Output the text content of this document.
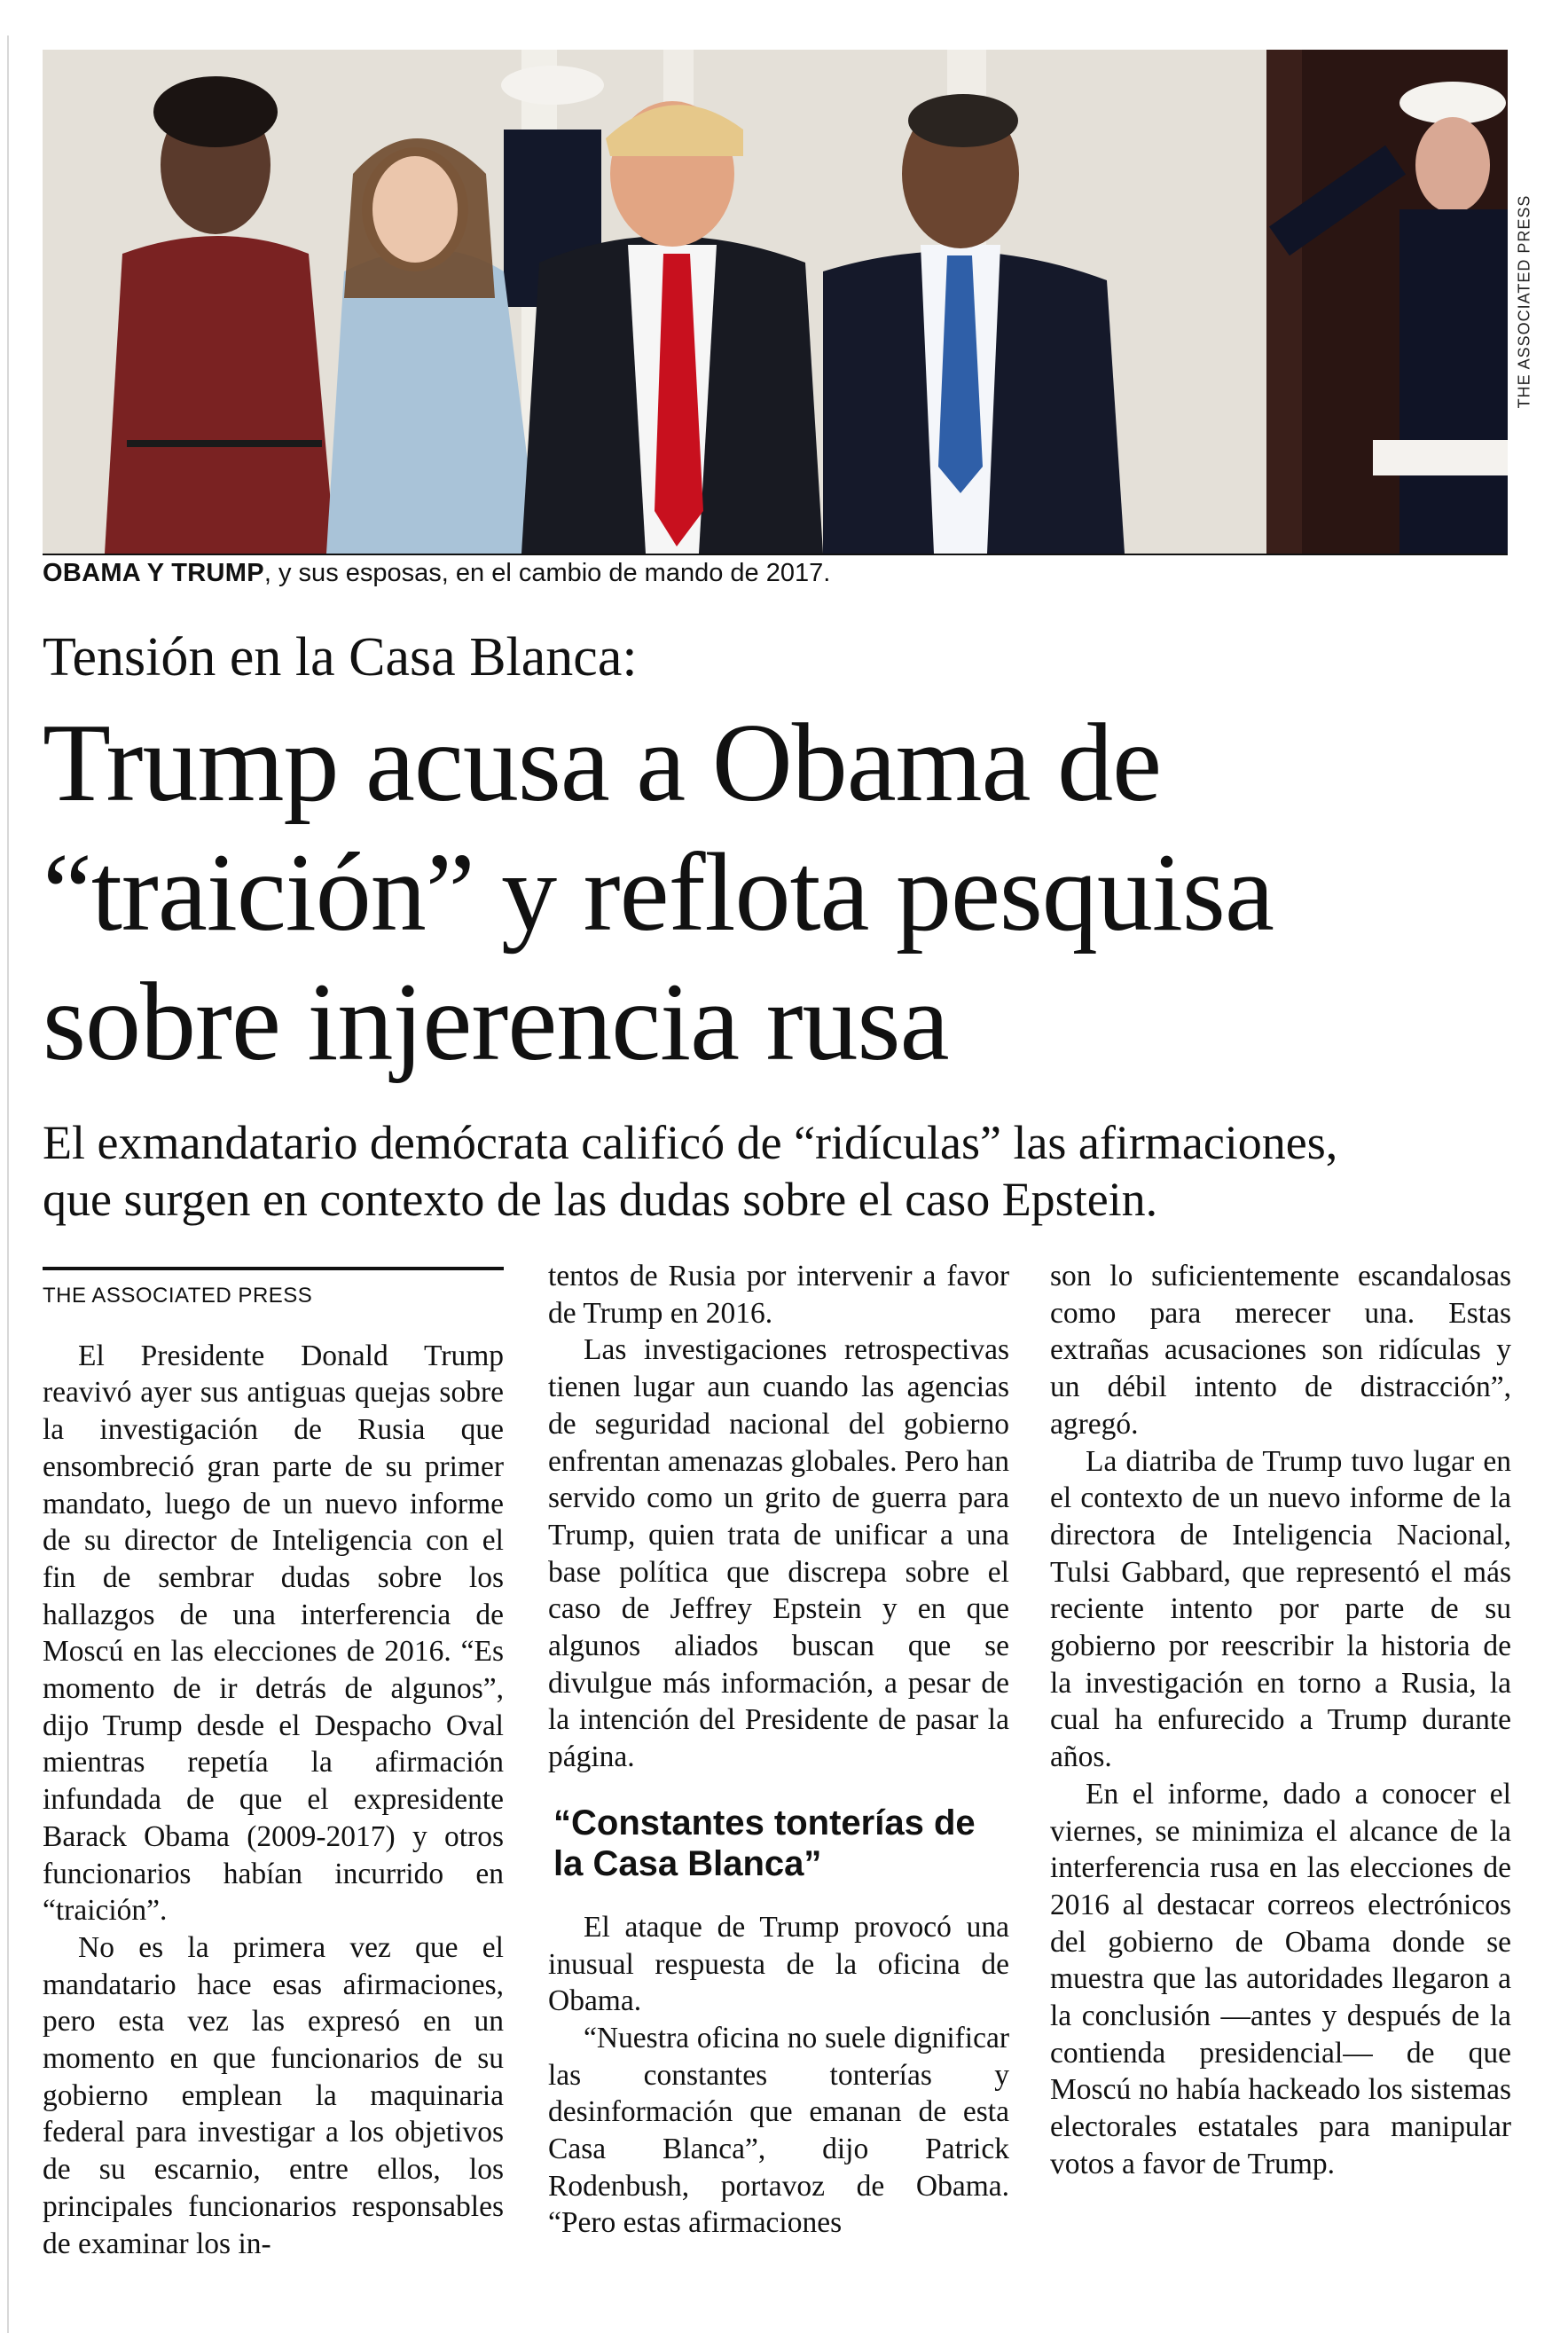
THE ASSOCIATED PRESS
OBAMA Y TRUMP, y sus esposas, en el cambio de mando de 2017.
Tensión en la Casa Blanca:
Trump acusa a Obama de
“traición” y reflota pesquisa
sobre injerencia rusa
El exmandatario demócrata calificó de “ridículas” las afirmaciones,
que surgen en contexto de las dudas sobre el caso Epstein.
THE ASSOCIATED PRESS

El Presidente Donald Trump reavivó ayer sus antiguas quejas sobre la investigación de Rusia que ensombreció gran parte de su primer mandato, luego de un nuevo informe de su director de Inteligencia con el fin de sembrar dudas sobre los hallazgos de una interferencia de Moscú en las elecciones de 2016. “Es momento de ir detrás de algunos”, dijo Trump desde el Despacho Oval mientras repetía la afirmación infundada de que el expresidente Barack Obama (2009-2017) y otros funcionarios habían incurrido en “traición”.

No es la primera vez que el mandatario hace esas afirmaciones, pero esta vez las expresó en un momento en que funcionarios de su gobierno emplean la maquinaria federal para investigar a los objetivos de su escarnio, entre ellos, los principales funcionarios responsables de examinar los in-

tentos de Rusia por intervenir a favor de Trump en 2016.

Las investigaciones retrospectivas tienen lugar aun cuando las agencias de seguridad nacional del gobierno enfrentan amenazas globales. Pero han servido como un grito de guerra para Trump, quien trata de unificar a una base política que discrepa sobre el caso de Jeffrey Epstein y en que algunos aliados buscan que se divulgue más información, a pesar de la intención del Presidente de pasar la página.

“Constantes tonterías de la Casa Blanca”

El ataque de Trump provocó una inusual respuesta de la oficina de Obama.

“Nuestra oficina no suele dignificar las constantes tonterías y desinformación que emanan de esta Casa Blanca”, dijo Patrick Rodenbush, portavoz de Obama. “Pero estas afirmaciones

son lo suficientemente escandalosas como para merecer una. Estas extrañas acusaciones son ridículas y un débil intento de distracción”, agregó.

La diatriba de Trump tuvo lugar en el contexto de un nuevo informe de la directora de Inteligencia Nacional, Tulsi Gabbard, que representó el más reciente intento por parte de su gobierno por reescribir la historia de la investigación en torno a Rusia, la cual ha enfurecido a Trump durante años.

En el informe, dado a conocer el viernes, se minimiza el alcance de la interferencia rusa en las elecciones de 2016 al destacar correos electrónicos del gobierno de Obama donde se muestra que las autoridades llegaron a la conclusión —antes y después de la contienda presidencial— de que Moscú no había hackeado los sistemas electorales estatales para manipular votos a favor de Trump.
